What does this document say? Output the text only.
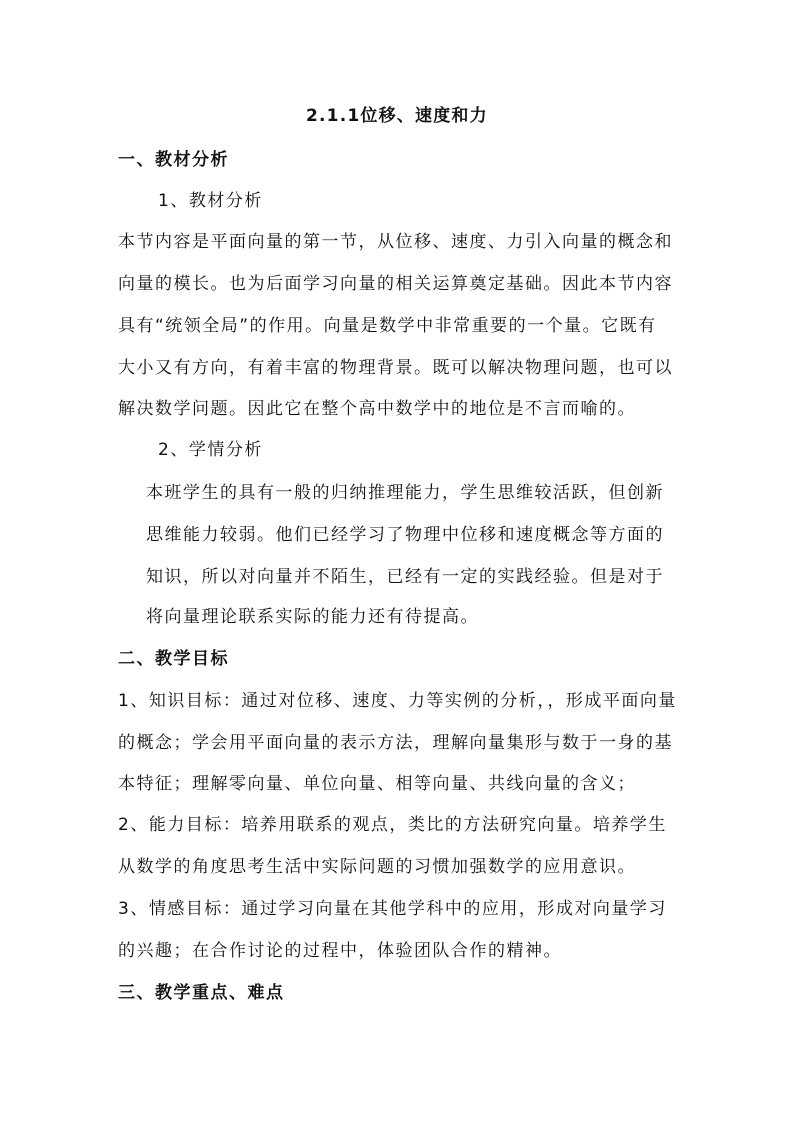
2.1.1位移、速度和力
一、教材分析
1、教材分析
本节内容是平面向量的第一节，从位移、速度、力引入向量的概念和
向量的模长。也为后面学习向量的相关运算奠定基础。因此本节内容
具有“统领全局”的作用。向量是数学中非常重要的一个量。它既有
大小又有方向，有着丰富的物理背景。既可以解决物理问题，也可以
解决数学问题。因此它在整个高中数学中的地位是不言而喻的。
2、学情分析
本班学生的具有一般的归纳推理能力，学生思维较活跃，但创新
思维能力较弱。他们已经学习了物理中位移和速度概念等方面的
知识，所以对向量并不陌生，已经有一定的实践经验。但是对于
将向量理论联系实际的能力还有待提高。
二、教学目标
1、知识目标：通过对位移、速度、力等实例的分析，，形成平面向量
的概念；学会用平面向量的表示方法，理解向量集形与数于一身的基
本特征；理解零向量、单位向量、相等向量、共线向量的含义；
2、能力目标：培养用联系的观点，类比的方法研究向量。培养学生
从数学的角度思考生活中实际问题的习惯加强数学的应用意识。
3、情感目标：通过学习向量在其他学科中的应用，形成对向量学习
的兴趣；在合作讨论的过程中，体验团队合作的精神。
三、教学重点、难点
